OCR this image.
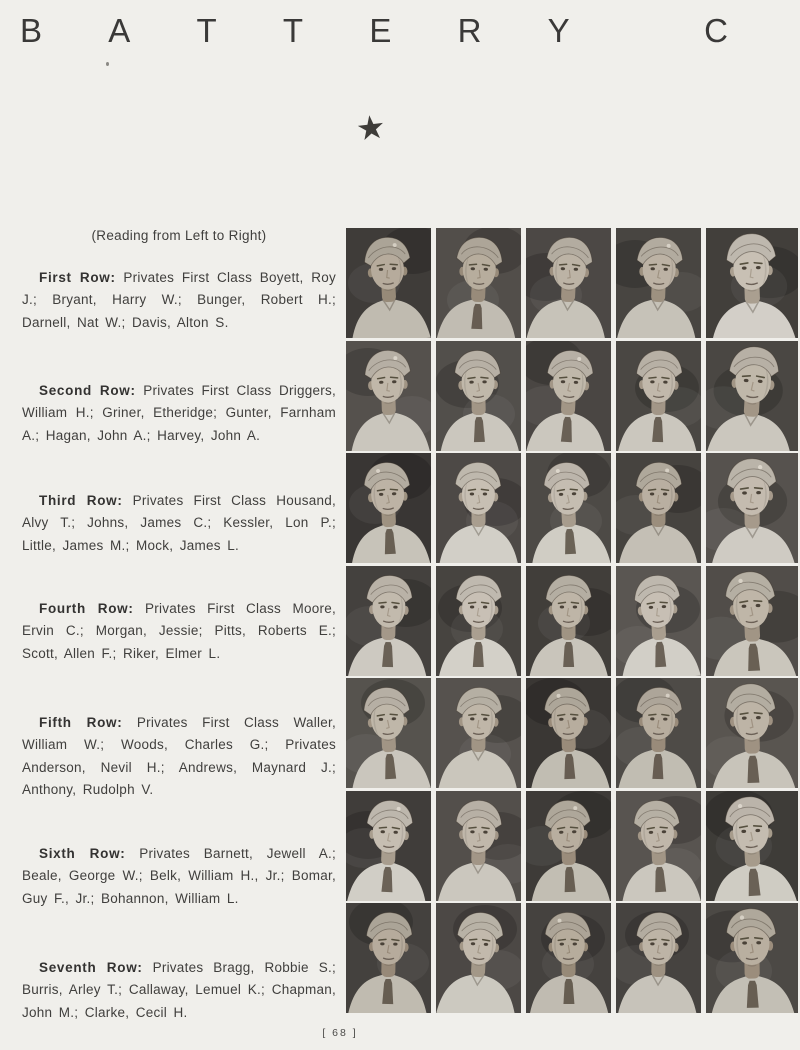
B A T T E R Y	C
★

(Reading from Left to Right)

First Row: Privates First Class Boyett, Roy J.; Bryant, Harry W.; Bunger, Robert H.; Darnell, Nat W.; Davis, Alton S.

Second Row: Privates First Class Driggers, William H.; Griner, Etheridge; Gunter, Farnham A.; Hagan, John A.; Harvey, John A.

Third Row: Privates First Class Housand, Alvy T.; Johns, James C.; Kessler, Lon P.; Little, James M.; Mock, James L.

Fourth Row: Privates First Class Moore, Ervin C.; Morgan, Jessie; Pitts, Roberts E.; Scott, Allen F.; Riker, Elmer L.

Fifth Row: Privates First Class Waller, William W.; Woods, Charles G.; Privates Anderson, Nevil H.; Andrews, Maynard J.; Anthony, Rudolph V.

Sixth Row: Privates Barnett, Jewell A.; Beale, George W.; Belk, William H., Jr.; Bomar, Guy F., Jr.; Bohannon, William L.

Seventh Row: Privates Bragg, Robbie S.; Burris, Arley T.; Callaway, Lemuel K.; Chapman, John M.; Clarke, Cecil H.

[ 68 ]
